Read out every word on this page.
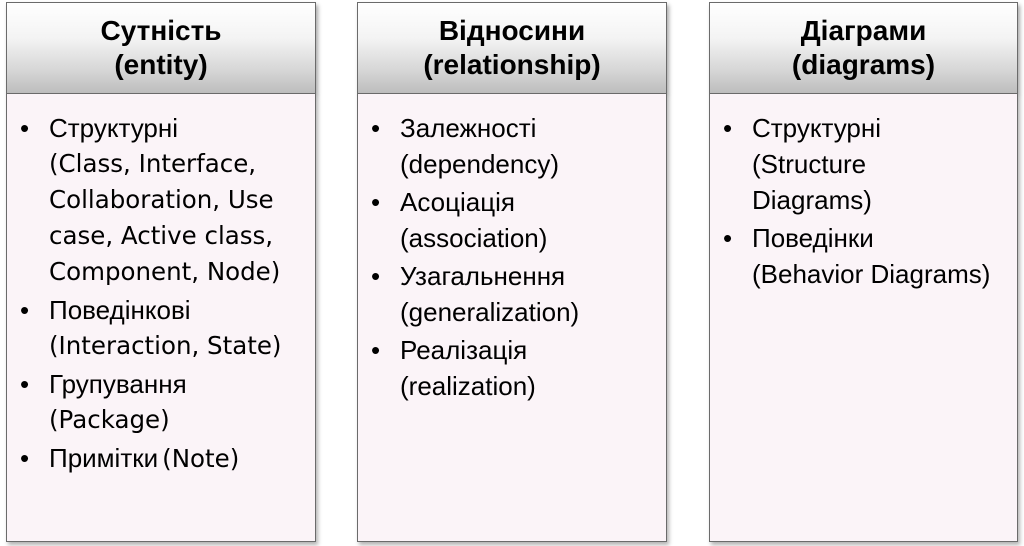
Сутність
(entity)
• Структурні
(Class, Interface, Collaboration, Use case, Active class, Component, Node)
• Поведінкові
(Interaction, State)
• Групування
(Package)
• Примітки (Note)
Відносини
(relationship)
• Залежності
(dependency)
• Асоціація
(association)
• Узагальнення
(generalization)
• Реалізація
(realization)
Діаграми
(diagrams)
• Структурні
(Structure Diagrams)
• Поведінки
(Behavior Diagrams)
